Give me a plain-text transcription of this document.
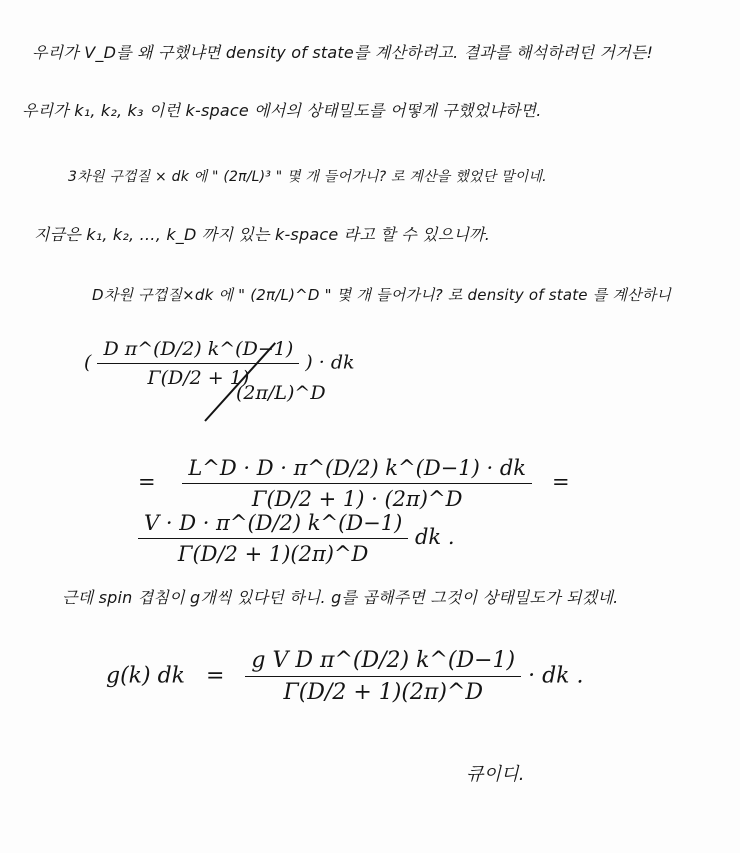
우리가 V_D를 왜 구했냐면 density of state를 계산하려고. 결과를 해석하려던 거거든!
우리가 k₁, k₂, k₃ 이런 k-space 에서의 상태밀도를 어떻게 구했었냐하면.
3차원 구껍질 × dk 에 " (2π/L)³ " 몇 개 들어가니? 로 계산을 했었단 말이네.
지금은 k₁, k₂, …, k_D 까지 있는 k-space 라고 할 수 있으니까.
D차원 구껍질×dk 에 " (2π/L)^D " 몇 개 들어가니? 로 density of state 를 계산하니
( $\frac{\text{D π\textasciicircum{}(D/2) k\textasciicircum{}(D−1)}}{\Gamma(D/2 + 1)}$ ) · dk
(2π/L)^D
= $\frac{L\^{}D \cdot D \cdot \pi\^{}(D/2) k\^{}(D-1) \cdot dk}{\Gamma(D/2 + 1) \cdot (2\pi)\^{}D}$ =
$\frac{V \cdot D \cdot \pi\^{}(D/2) k\^{}(D-1)}{\Gamma(D/2 + 1)(2\pi)\^{}D}$ dk .
근데 spin 겹침이 g개씩 있다던 하니. g를 곱해주면 그것이 상태밀도가 되겠네.
g(k) dk = $\frac{\text{g V D π\textasciicircum{}(D/2) k\textasciicircum{}(D−1)}}{\Gamma(D/2 + 1)(2\pi)\^{}D}$ · dk .
큐이디.
